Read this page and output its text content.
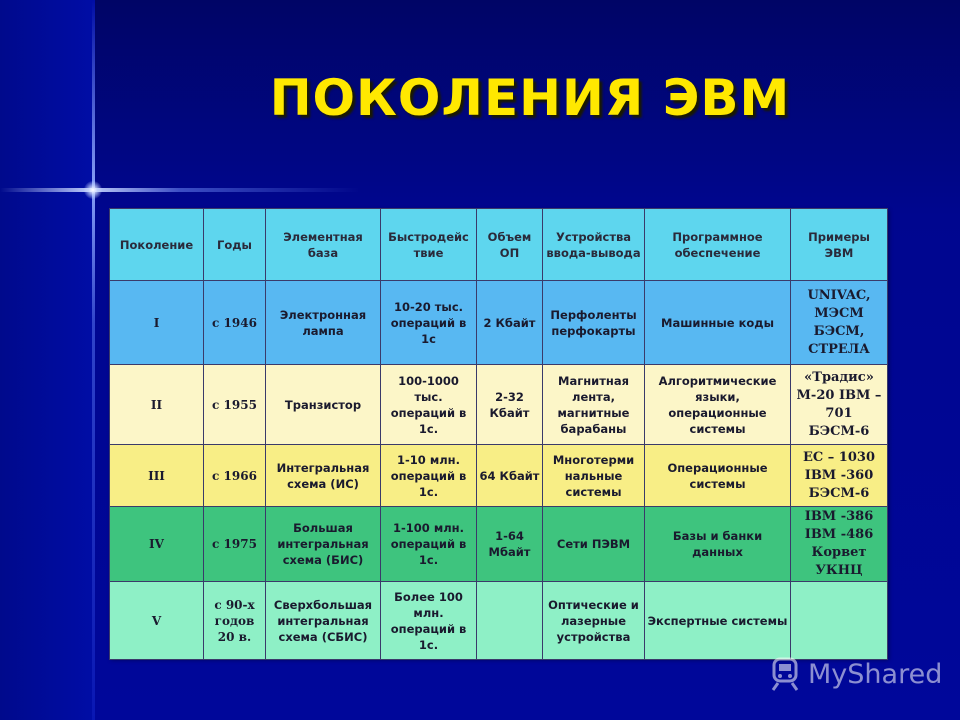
ПОКОЛЕНИЯ ЭВМ
Поколение	Годы	Элементная база	Быстродейс твие	Объем ОП	Устройства ввода-вывода	Программное обеспечение	Примеры ЭВМ
I	с 1946	Электронная лампа	10-20 тыс. операций в 1с	2 Кбайт	Перфоленты перфокарты	Машинные коды	UNIVAC, МЭСМ БЭСМ, СТРЕЛА
II	с 1955	Транзистор	100-1000 тыс. операций в 1с.	2-32 Кбайт	Магнитная лента, магнитные барабаны	Алгоритмические языки, операционные системы	«Традис» М-20 IBM – 701 БЭСМ-6
III	с 1966	Интегральная схема (ИС)	1-10 млн. операций в 1с.	64 Кбайт	Многотерми нальные системы	Операционные системы	ЕС – 1030 IBM -360 БЭСМ-6
IV	с 1975	Большая интегральная схема (БИС)	1-100 млн. операций в 1с.	1-64 Мбайт	Сети ПЭВМ	Базы и банки данных	IBM -386 IBM -486 Корвет УКНЦ
V	с 90-х годов 20 в.	Сверхбольшая интегральная схема (СБИС)	Более 100 млн. операций в 1с.		Оптические и лазерные устройства	Экспертные системы	
MyShared
